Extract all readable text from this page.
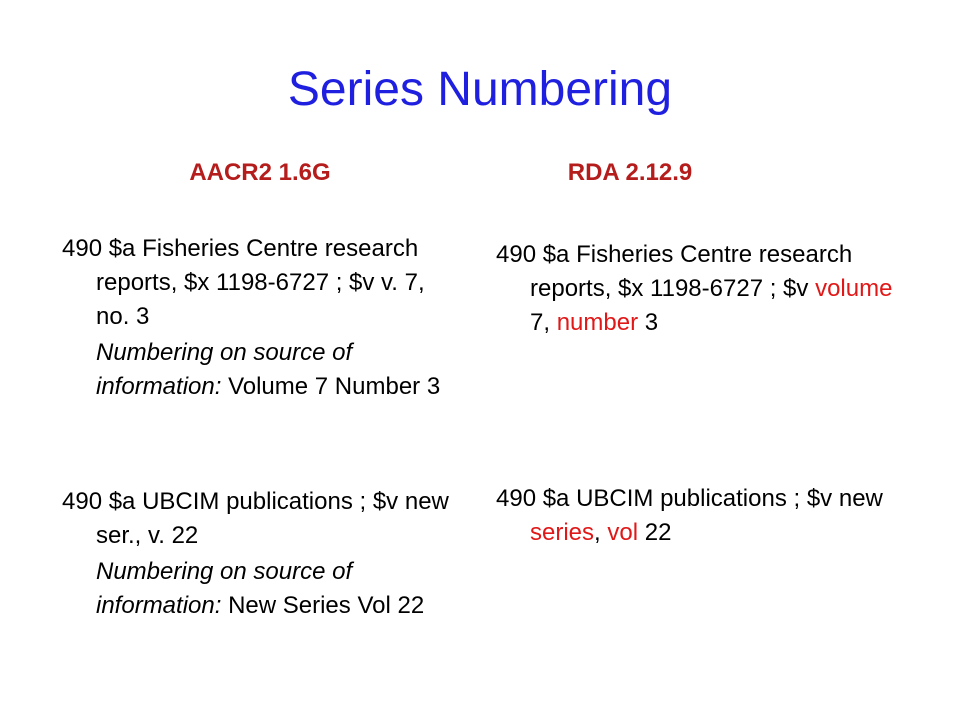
Series Numbering
AACR2 1.6G	RDA 2.12.9

490 $a Fisheries Centre research reports, $x 1198-6727 ; $v v. 7, no. 3

Numbering on source of information: Volume 7 Number 3

490 $a UBCIM publications ; $v new ser., v. 22

Numbering on source of information: New Series Vol 22

490 $a Fisheries Centre research reports, $x 1198-6727 ; $v volume 7, number 3

490 $a UBCIM publications ; $v new series, vol 22
